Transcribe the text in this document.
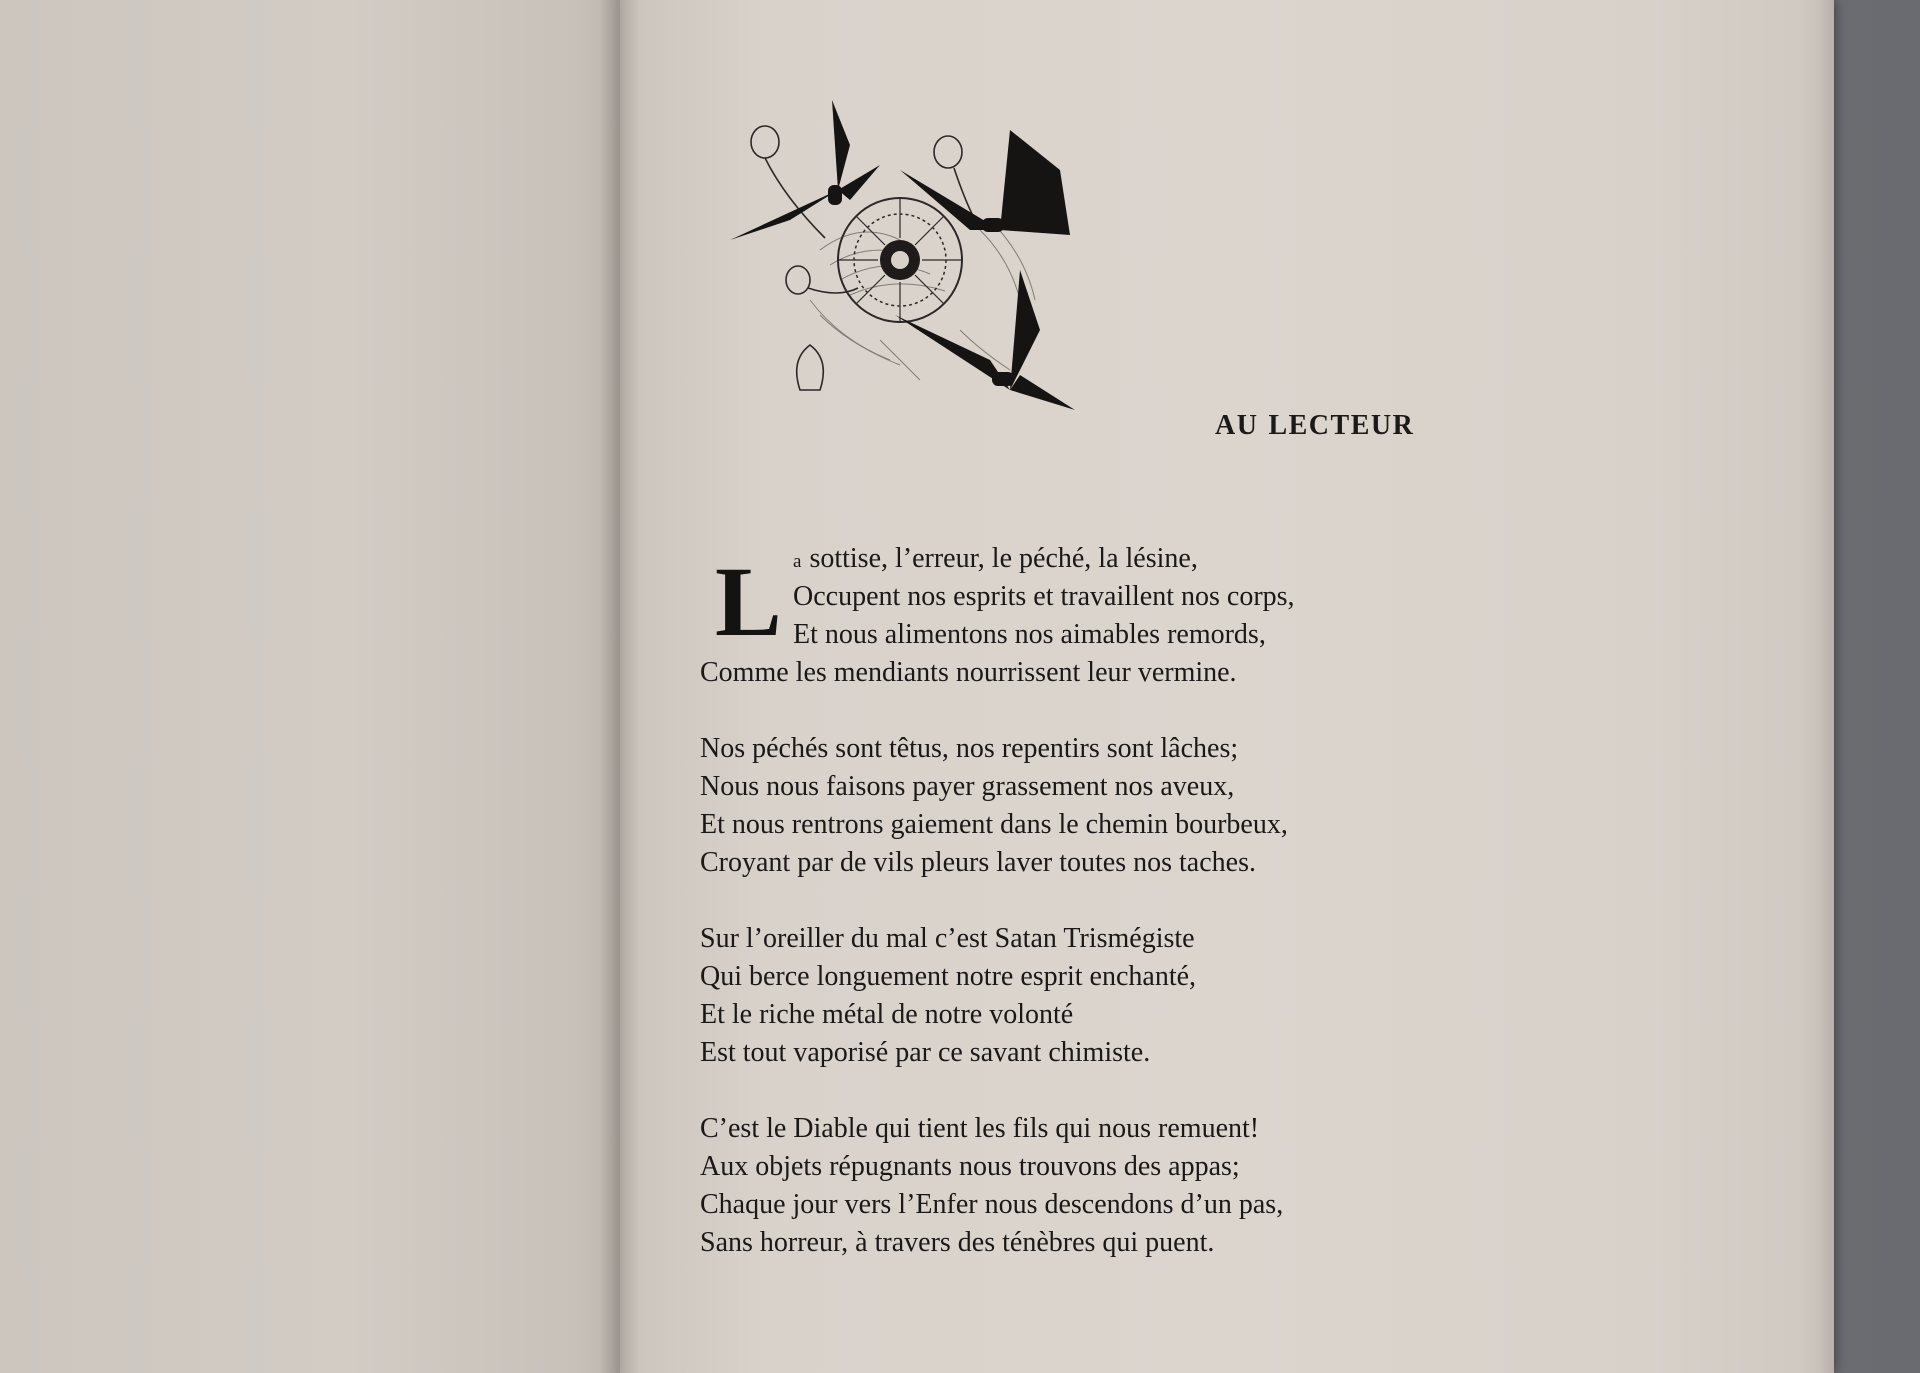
AU LECTEUR
L a sottise, l’erreur, le péché, la lésine,
Occupent nos esprits et travaillent nos corps,
Et nous alimentons nos aimables remords,
Comme les mendiants nourrissent leur vermine.
Nos péchés sont têtus, nos repentirs sont lâches;
Nous nous faisons payer grassement nos aveux,
Et nous rentrons gaiement dans le chemin bourbeux,
Croyant par de vils pleurs laver toutes nos taches.
Sur l’oreiller du mal c’est Satan Trismégiste
Qui berce longuement notre esprit enchanté,
Et le riche métal de notre volonté
Est tout vaporisé par ce savant chimiste.
C’est le Diable qui tient les fils qui nous remuent!
Aux objets répugnants nous trouvons des appas;
Chaque jour vers l’Enfer nous descendons d’un pas,
Sans horreur, à travers des ténèbres qui puent.
